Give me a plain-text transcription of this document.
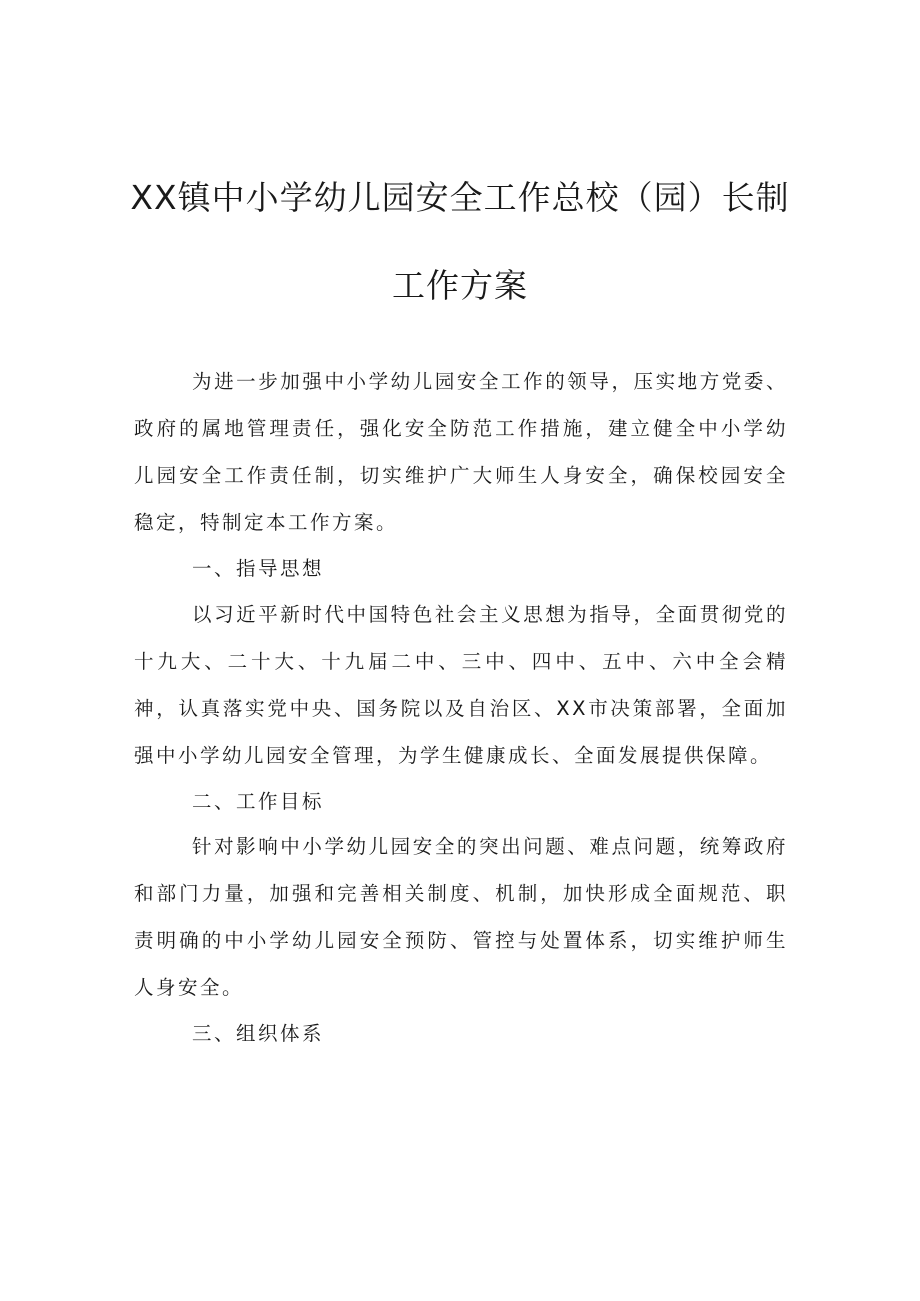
XX镇中小学幼儿园安全工作总校（园）长制
工作方案

为进一步加强中小学幼儿园安全工作的领导，压实地方党委、政府的属地管理责任，强化安全防范工作措施，建立健全中小学幼儿园安全工作责任制，切实维护广大师生人身安全，确保校园安全稳定，特制定本工作方案。

一、指导思想

以习近平新时代中国特色社会主义思想为指导，全面贯彻党的十九大、二十大、十九届二中、三中、四中、五中、六中全会精神，认真落实党中央、国务院以及自治区、XX市决策部署，全面加强中小学幼儿园安全管理，为学生健康成长、全面发展提供保障。

二、工作目标

针对影响中小学幼儿园安全的突出问题、难点问题，统筹政府和部门力量，加强和完善相关制度、机制，加快形成全面规范、职责明确的中小学幼儿园安全预防、管控与处置体系，切实维护师生人身安全。

三、组织体系
